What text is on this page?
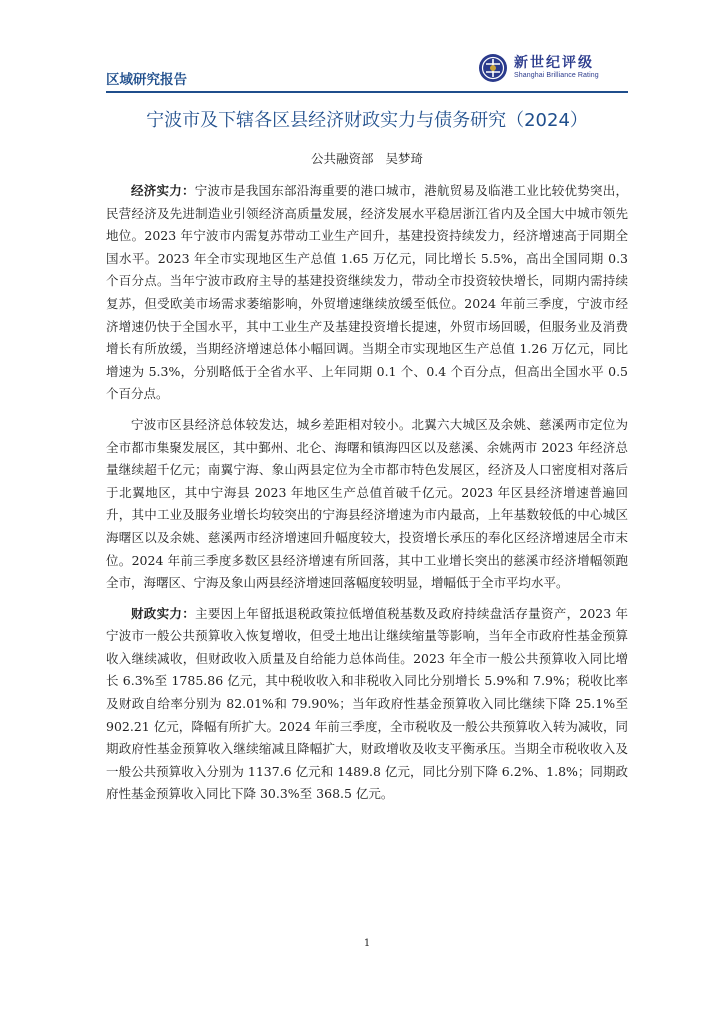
区域研究报告
新世纪评级
Shanghai Brilliance Rating
宁波市及下辖各区县经济财政实力与债务研究（2024）
公共融资部 吴梦琦

经济实力：宁波市是我国东部沿海重要的港口城市，港航贸易及临港工业比较优势突出，民营经济及先进制造业引领经济高质量发展，经济发展水平稳居浙江省内及全国大中城市领先地位。2023 年宁波市内需复苏带动工业生产回升，基建投资持续发力，经济增速高于同期全国水平。2023 年全市实现地区生产总值 1.65 万亿元，同比增长 5.5%，高出全国同期 0.3 个百分点。当年宁波市政府主导的基建投资继续发力，带动全市投资较快增长，同期内需持续复苏，但受欧美市场需求萎缩影响，外贸增速继续放缓至低位。2024 年前三季度，宁波市经济增速仍快于全国水平，其中工业生产及基建投资增长提速，外贸市场回暖，但服务业及消费增长有所放缓，当期经济增速总体小幅回调。当期全市实现地区生产总值 1.26 万亿元，同比增速为 5.3%，分别略低于全省水平、上年同期 0.1 个、0.4 个百分点，但高出全国水平 0.5 个百分点。

宁波市区县经济总体较发达，城乡差距相对较小。北翼六大城区及余姚、慈溪两市定位为全市都市集聚发展区，其中鄞州、北仑、海曙和镇海四区以及慈溪、余姚两市 2023 年经济总量继续超千亿元；南翼宁海、象山两县定位为全市都市特色发展区，经济及人口密度相对落后于北翼地区，其中宁海县 2023 年地区生产总值首破千亿元。2023 年区县经济增速普遍回升，其中工业及服务业增长均较突出的宁海县经济增速为市内最高，上年基数较低的中心城区海曙区以及余姚、慈溪两市经济增速回升幅度较大，投资增长承压的奉化区经济增速居全市末位。2024 年前三季度多数区县经济增速有所回落，其中工业增长突出的慈溪市经济增幅领跑全市，海曙区、宁海及象山两县经济增速回落幅度较明显，增幅低于全市平均水平。

财政实力：主要因上年留抵退税政策拉低增值税基数及政府持续盘活存量资产，2023 年宁波市一般公共预算收入恢复增收，但受土地出让继续缩量等影响，当年全市政府性基金预算收入继续减收，但财政收入质量及自给能力总体尚佳。2023 年全市一般公共预算收入同比增长 6.3%至 1785.86 亿元，其中税收收入和非税收入同比分别增长 5.9%和 7.9%；税收比率及财政自给率分别为 82.01%和 79.90%；当年政府性基金预算收入同比继续下降 25.1%至 902.21 亿元，降幅有所扩大。2024 年前三季度，全市税收及一般公共预算收入转为减收，同期政府性基金预算收入继续缩减且降幅扩大，财政增收及收支平衡承压。当期全市税收收入及一般公共预算收入分别为 1137.6 亿元和 1489.8 亿元，同比分别下降 6.2%、1.8%；同期政府性基金预算收入同比下降 30.3%至 368.5 亿元。

1
